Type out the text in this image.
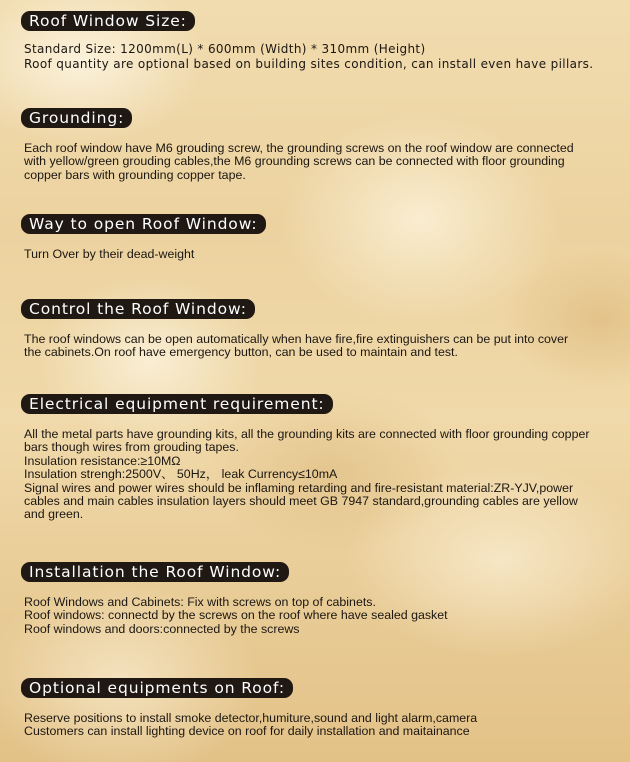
Roof Window Size:
Standard Size: 1200mm(L) * 600mm (Width) * 310mm (Height)
Roof quantity are optional based on building sites condition, can install even have pillars.
Grounding:
Each roof window have M6 grouding screw, the grounding screws on the roof window are connected
with yellow/green grouding cables,the M6 grounding screws can be connected with floor grounding
copper bars with grounding copper tape.
Way to open Roof Window:
Turn Over by their dead-weight
Control the Roof Window:
The roof windows can be open automatically when have fire,fire extinguishers can be put into cover
the cabinets.On roof have emergency button, can be used to maintain and test.
Electrical equipment requirement:
All the metal parts have grounding kits, all the grounding kits are connected with floor grounding copper
bars though wires from grouding tapes.
Insulation resistance:≥10MΩ
Insulation strengh:2500V、 50Hz， leak Currency≤10mA
Signal wires and power wires should be inflaming retarding and fire-resistant material:ZR-YJV,power
cables and main cables insulation layers should meet GB 7947 standard,grounding cables are yellow
and green.
Installation the Roof Window:
Roof Windows and Cabinets: Fix with screws on top of cabinets.
Roof windows: connectd by the screws on the roof where have sealed gasket
Roof windows and doors:connected by the screws
Optional equipments on Roof:
Reserve positions to install smoke detector,humiture,sound and light alarm,camera
Customers can install lighting device on roof for daily installation and maitainance
